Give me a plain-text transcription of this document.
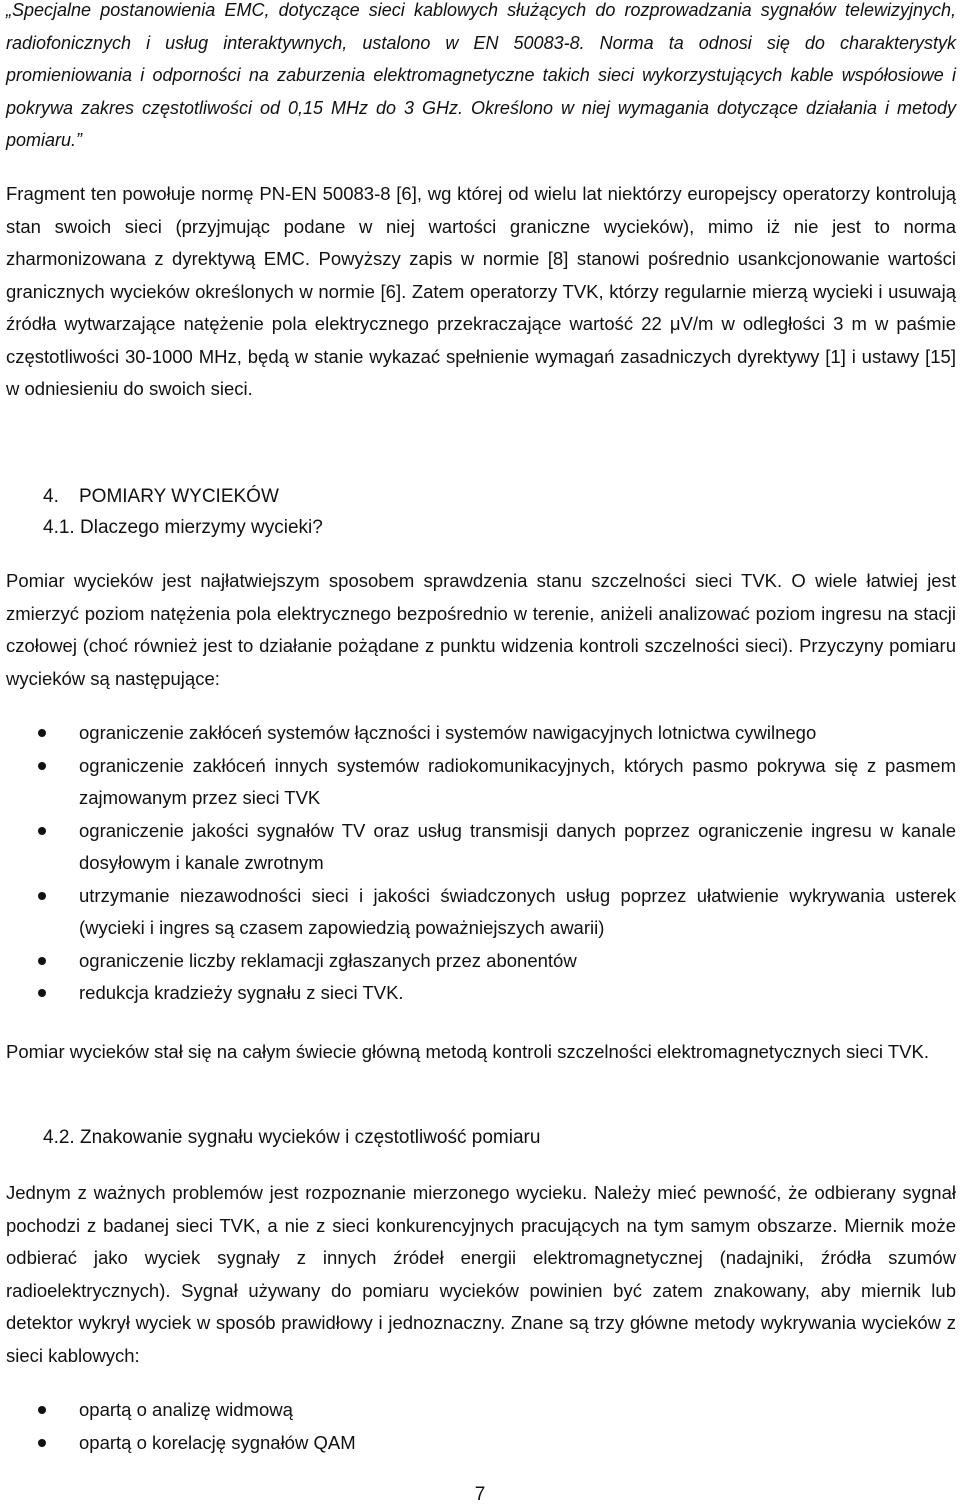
„Specjalne postanowienia EMC, dotyczące sieci kablowych służących do rozprowadzania sygnałów telewizyjnych, radiofonicznych i usług interaktywnych, ustalono w EN 50083-8. Norma ta odnosi się do charakterystyk promieniowania i odporności na zaburzenia elektromagnetyczne takich sieci wykorzystujących kable współosiowe i pokrywa zakres częstotliwości od 0,15 MHz do 3 GHz. Określono w niej wymagania dotyczące działania i metody pomiaru.”

Fragment ten powołuje normę PN-EN 50083-8 [6], wg której od wielu lat niektórzy europejscy operatorzy kontrolują stan swoich sieci (przyjmując podane w niej wartości graniczne wycieków), mimo iż nie jest to norma zharmonizowana z dyrektywą EMC. Powyższy zapis w normie [8] stanowi pośrednio usankcjonowanie wartości granicznych wycieków określonych w normie [6]. Zatem operatorzy TVK, którzy regularnie mierzą wycieki i usuwają źródła wytwarzające natężenie pola elektrycznego przekraczające wartość 22 μV/m w odległości 3 m w paśmie częstotliwości 30-1000 MHz, będą w stanie wykazać spełnienie wymagań zasadniczych dyrektywy [1] i ustawy [15] w odniesieniu do swoich sieci.

4. POMIARY WYCIEKÓW
4.1. Dlaczego mierzymy wycieki?

Pomiar wycieków jest najłatwiejszym sposobem sprawdzenia stanu szczelności sieci TVK. O wiele łatwiej jest zmierzyć poziom natężenia pola elektrycznego bezpośrednio w terenie, aniżeli analizować poziom ingresu na stacji czołowej (choć również jest to działanie pożądane z punktu widzenia kontroli szczelności sieci). Przyczyny pomiaru wycieków są następujące:

ograniczenie zakłóceń systemów łączności i systemów nawigacyjnych lotnictwa cywilnego
ograniczenie zakłóceń innych systemów radiokomunikacyjnych, których pasmo pokrywa się z pasmem zajmowanym przez sieci TVK
ograniczenie jakości sygnałów TV oraz usług transmisji danych poprzez ograniczenie ingresu w kanale dosyłowym i kanale zwrotnym
utrzymanie niezawodności sieci i jakości świadczonych usług poprzez ułatwienie wykrywania usterek (wycieki i ingres są czasem zapowiedzią poważniejszych awarii)
ograniczenie liczby reklamacji zgłaszanych przez abonentów
redukcja kradzieży sygnału z sieci TVK.

Pomiar wycieków stał się na całym świecie główną metodą kontroli szczelności elektromagnetycznych sieci TVK.

4.2. Znakowanie sygnału wycieków i częstotliwość pomiaru

Jednym z ważnych problemów jest rozpoznanie mierzonego wycieku. Należy mieć pewność, że odbierany sygnał pochodzi z badanej sieci TVK, a nie z sieci konkurencyjnych pracujących na tym samym obszarze. Miernik może odbierać jako wyciek sygnały z innych źródeł energii elektromagnetycznej (nadajniki, źródła szumów radioelektrycznych). Sygnał używany do pomiaru wycieków powinien być zatem znakowany, aby miernik lub detektor wykrył wyciek w sposób prawidłowy i jednoznaczny. Znane są trzy główne metody wykrywania wycieków z sieci kablowych:

opartą o analizę widmową
opartą o korelację sygnałów QAM
7
